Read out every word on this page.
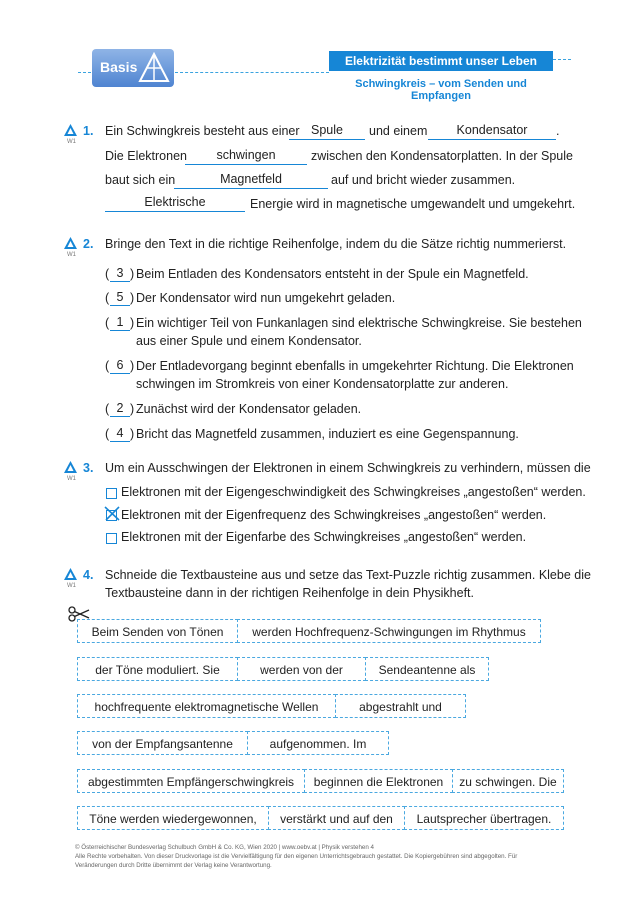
Basis	Elektrizität bestimmt unser Leben
Schwingkreis – vom Senden und Empfangen
W1
1. Ein Schwingkreis besteht aus einer Spule	und einem	Kondensator	.
Die Elektronen	schwingen	zwischen den Kondensatorplatten. In der Spule
baut sich ein	Magnetfeld	auf und bricht wieder zusammen.
Elektrische	Energie wird in magnetische umgewandelt und umgekehrt.
W1
2. Bringe den Text in die richtige Reihenfolge, indem du die Sätze richtig nummerierst.
( 3 ) Beim Entladen des Kondensators entsteht in der Spule ein Magnetfeld.
( 5 ) Der Kondensator wird nun umgekehrt geladen.
( 1 ) Ein wichtiger Teil von Funkanlagen sind elektrische Schwingkreise. Sie bestehen
aus einer Spule und einem Kondensator.
( 6 ) Der Entladevorgang beginnt ebenfalls in umgekehrter Richtung. Die Elektronen
schwingen im Stromkreis von einer Kondensatorplatte zur anderen.
( 2 ) Zunächst wird der Kondensator geladen.
( 4 ) Bricht das Magnetfeld zusammen, induziert es eine Gegenspannung.
W1
3. Um ein Ausschwingen der Elektronen in einem Schwingkreis zu verhindern, müssen die
Elektronen mit der Eigengeschwindigkeit des Schwingkreises „angestoßen“ werden.
Elektronen mit der Eigenfrequenz des Schwingkreises „angestoßen“ werden.
Elektronen mit der Eigenfarbe des Schwingkreises „angestoßen“ werden.
W1
4. Schneide die Textbausteine aus und setze das Text-Puzzle richtig zusammen. Klebe die
Textbausteine dann in der richtigen Reihenfolge in dein Physikheft.
Beim Senden von Tönen	werden Hochfrequenz-Schwingungen im Rhythmus
der Töne moduliert. Sie	werden von der	Sendeantenne als
hochfrequente elektromagnetische Wellen	abgestrahlt und
von der Empfangsantenne	aufgenommen. Im
abgestimmten Empfängerschwingkreis	beginnen die Elektronen	zu schwingen. Die
Töne werden wiedergewonnen,	verstärkt und auf den	Lautsprecher übertragen.
© Österreichischer Bundesverlag Schulbuch GmbH & Co. KG, Wien 2020 | www.oebv.at | Physik verstehen 4
Alle Rechte vorbehalten. Von dieser Druckvorlage ist die Vervielfältigung für den eigenen Unterrichtsgebrauch gestattet. Die Kopiergebühren sind abgegolten. Für
Veränderungen durch Dritte übernimmt der Verlag keine Verantwortung.
